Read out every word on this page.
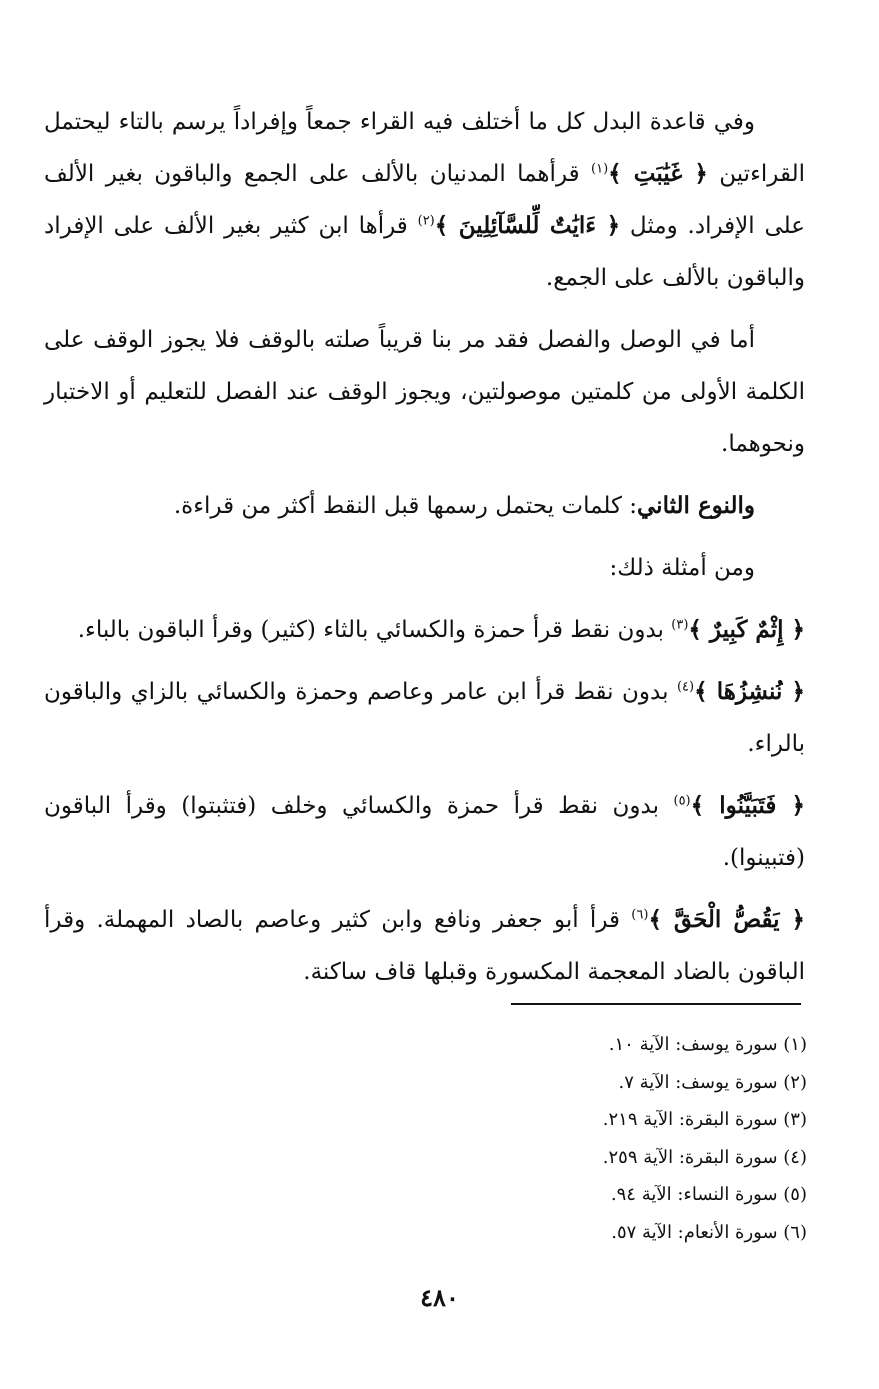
وفي قاعدة البدل كل ما أختلف فيه القراء جمعاً وإفراداً يرسم بالتاء ليحتمل القراءتين ﴿ غَيَٰبَتِ ﴾$^{(١)}$ قرأهما المدنيان بالألف على الجمع والباقون بغير الألف على الإفراد. ومثل ﴿ ءَايَٰتٌ لِّلسَّآئِلِينَ ﴾$^{(٢)}$ قرأها ابن كثير بغير الألف على الإفراد والباقون بالألف على الجمع.

أما في الوصل والفصل فقد مر بنا قريباً صلته بالوقف فلا يجوز الوقف على الكلمة الأولى من كلمتين موصولتين، ويجوز الوقف عند الفصل للتعليم أو الاختبار ونحوهما.

والنوع الثاني: كلمات يحتمل رسمها قبل النقط أكثر من قراءة.

ومن أمثلة ذلك:

﴿ إِثْمٌ كَبِيرٌ ﴾$^{(٣)}$ بدون نقط قرأ حمزة والكسائي بالثاء (كثير) وقرأ الباقون بالباء.

﴿ نُنشِزُهَا ﴾$^{(٤)}$ بدون نقط قرأ ابن عامر وعاصم وحمزة والكسائي بالزاي والباقون بالراء.

﴿ فَتَبَيَّنُوا ﴾$^{(٥)}$ بدون نقط قرأ حمزة والكسائي وخلف (فتثبتوا) وقرأ الباقون (فتبينوا).

﴿ يَقُصُّ الْحَقَّ ﴾$^{(٦)}$ قرأ أبو جعفر ونافع وابن كثير وعاصم بالصاد المهملة. وقرأ الباقون بالضاد المعجمة المكسورة وقبلها قاف ساكنة.

(١) سورة يوسف: الآية ١٠.
(٢) سورة يوسف: الآية ٧.
(٣) سورة البقرة: الآية ٢١٩.
(٤) سورة البقرة: الآية ٢٥٩.
(٥) سورة النساء: الآية ٩٤.
(٦) سورة الأنعام: الآية ٥٧.
٤٨٠
